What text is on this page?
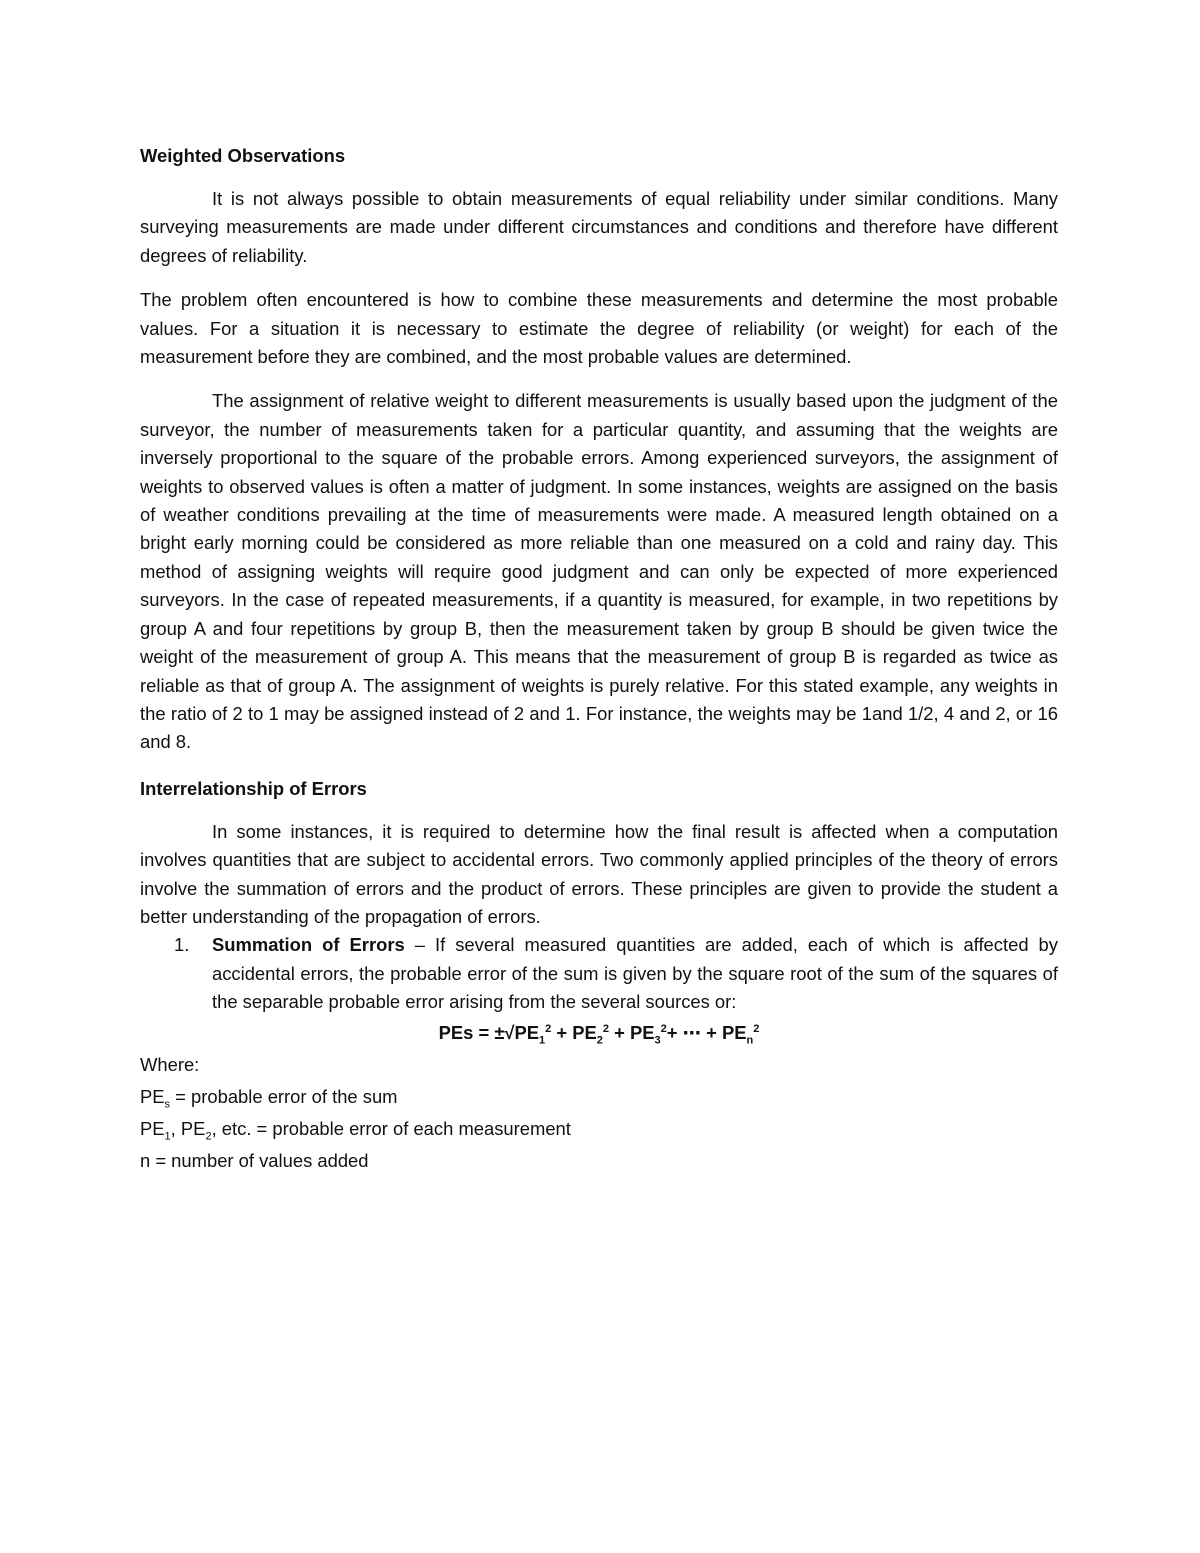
Weighted Observations

It is not always possible to obtain measurements of equal reliability under similar conditions. Many surveying measurements are made under different circumstances and conditions and therefore have different degrees of reliability.

The problem often encountered is how to combine these measurements and determine the most probable values. For a situation it is necessary to estimate the degree of reliability (or weight) for each of the measurement before they are combined, and the most probable values are determined.

The assignment of relative weight to different measurements is usually based upon the judgment of the surveyor, the number of measurements taken for a particular quantity, and assuming that the weights are inversely proportional to the square of the probable errors. Among experienced surveyors, the assignment of weights to observed values is often a matter of judgment. In some instances, weights are assigned on the basis of weather conditions prevailing at the time of measurements were made. A measured length obtained on a bright early morning could be considered as more reliable than one measured on a cold and rainy day. This method of assigning weights will require good judgment and can only be expected of more experienced surveyors. In the case of repeated measurements, if a quantity is measured, for example, in two repetitions by group A and four repetitions by group B, then the measurement taken by group B should be given twice the weight of the measurement of group A. This means that the measurement of group B is regarded as twice as reliable as that of group A. The assignment of weights is purely relative. For this stated example, any weights in the ratio of 2 to 1 may be assigned instead of 2 and 1. For instance, the weights may be 1and 1/2, 4 and 2, or 16 and 8.

Interrelationship of Errors

In some instances, it is required to determine how the final result is affected when a computation involves quantities that are subject to accidental errors. Two commonly applied principles of the theory of errors involve the summation of errors and the product of errors. These principles are given to provide the student a better understanding of the propagation of errors.

1. Summation of Errors – If several measured quantities are added, each of which is affected by accidental errors, the probable error of the sum is given by the square root of the sum of the squares of the separable probable error arising from the several sources or:

PEs = $\pm√PE_1^2 + PE_2^2 + PE_3^2+$ ⋯ + $PE_n^2$

Where:

$PE_s$ = probable error of the sum

$PE_1$, $PE_2$, etc. = probable error of each measurement

n = number of values added
